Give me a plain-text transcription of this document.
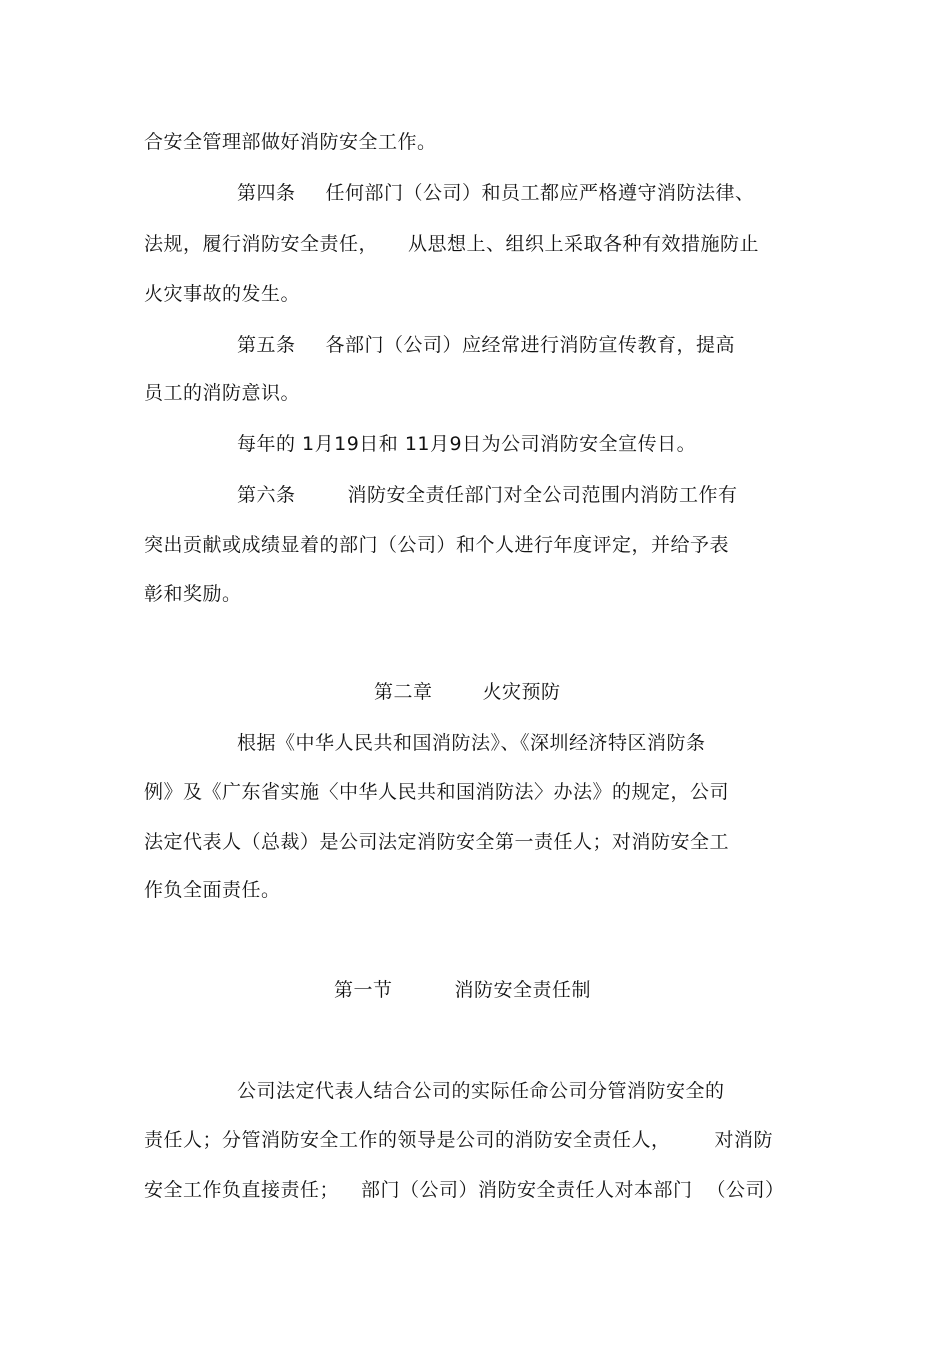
合安全管理部做好消防安全工作。
第四条 任何部门（公司）和员工都应严格遵守消防法律、
法规，履行消防安全责任， 从思想上、组织上采取各种有效措施防止
火灾事故的发生。
第五条 各部门（公司）应经常进行消防宣传教育，提高
员工的消防意识。
每年的 1月19日和 11月9日为公司消防安全宣传日。
第六条	消防安全责任部门对全公司范围内消防工作有
突出贡献或成绩显着的部门（公司）和个人进行年度评定，并给予表
彰和奖励。
第二章	火灾预防
根据《中华人民共和国消防法》、《深圳经济特区消防条
例》及《广东省实施〈中华人民共和国消防法〉办法》的规定，公司
法定代表人（总裁）是公司法定消防安全第一责任人；对消防安全工
作负全面责任。
第一节	消防安全责任制
公司法定代表人结合公司的实际任命公司分管消防安全的
责任人；分管消防安全工作的领导是公司的消防安全责任人， 对消防
安全工作负直接责任； 部门（公司）消防安全责任人对本部门 （公司）
